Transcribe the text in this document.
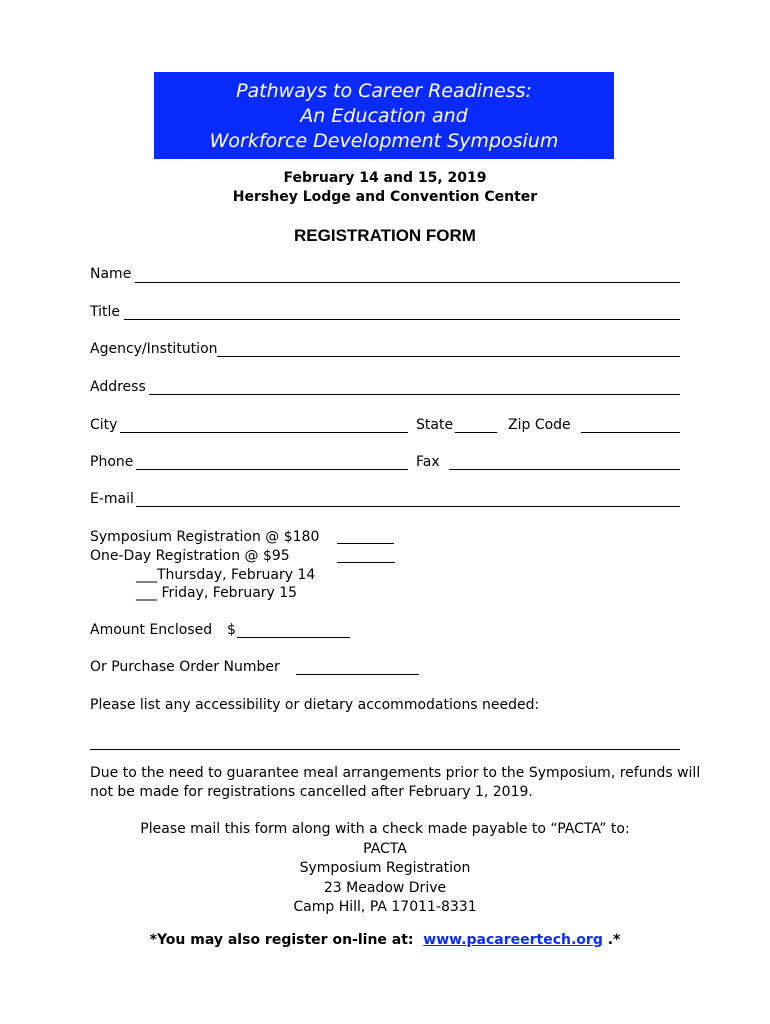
Pathways to Career Readiness:
An Education and
Workforce Development Symposium
February 14 and 15, 2019
Hershey Lodge and Convention Center
REGISTRATION FORM
Name
Title
Agency/Institution
Address
City	State	Zip Code
Phone	Fax
E-mail
Symposium Registration @ $180
One-Day Registration @ $95
___Thursday, February 14
___ Friday, February 15
Amount Enclosed $
Or Purchase Order Number
Please list any accessibility or dietary accommodations needed:
Due to the need to guarantee meal arrangements prior to the Symposium, refunds will
not be made for registrations cancelled after February 1, 2019.
Please mail this form along with a check made payable to “PACTA” to:
PACTA
Symposium Registration
23 Meadow Drive
Camp Hill, PA 17011-8331
*You may also register on-line at: www.pacareertech.org .*
